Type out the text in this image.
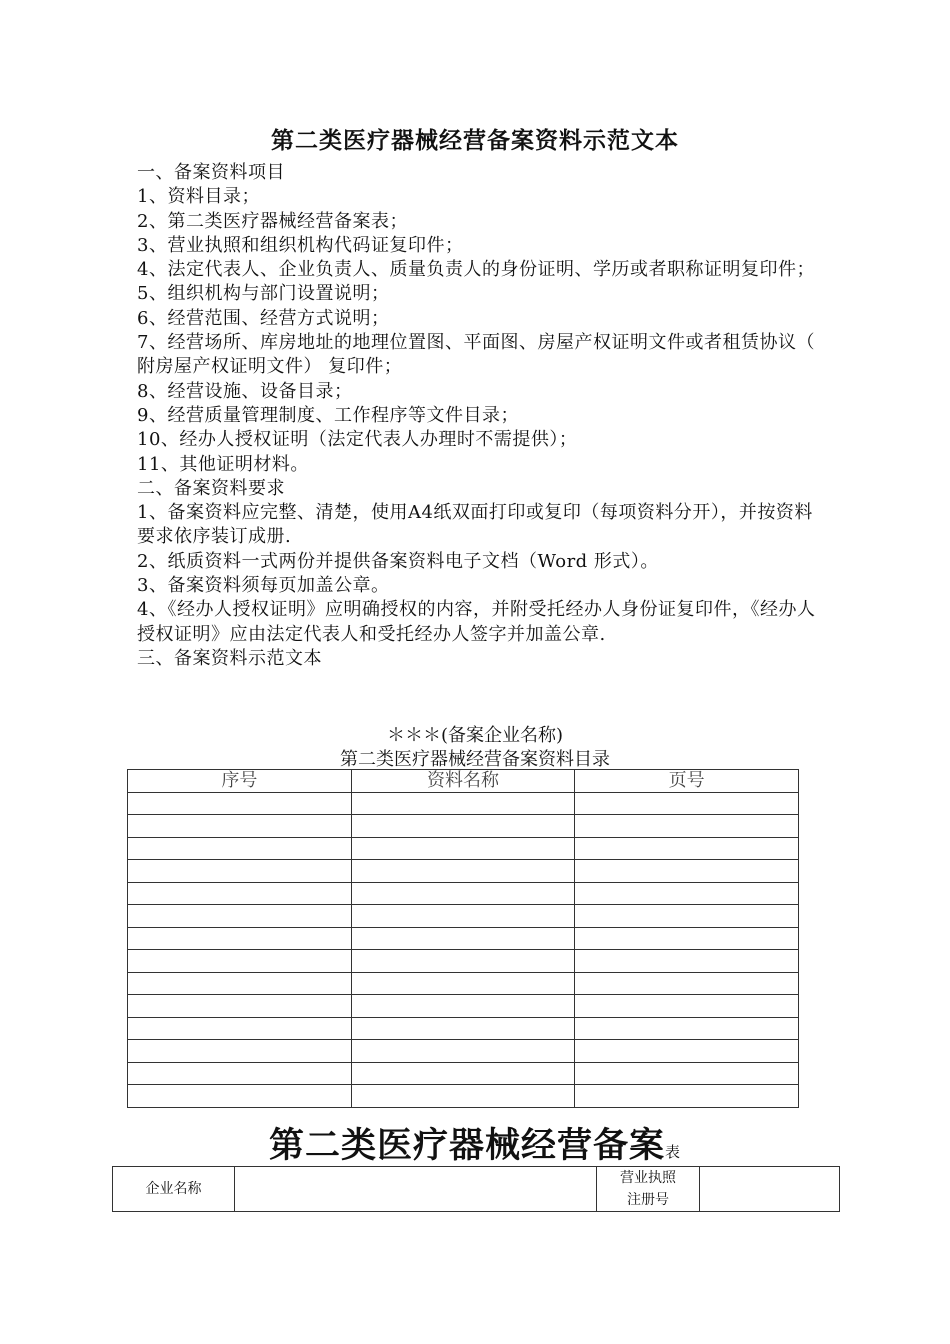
第二类医疗器械经营备案资料示范文本

一、备案资料项目

1、资料目录；

2、第二类医疗器械经营备案表；

3、营业执照和组织机构代码证复印件；

4、法定代表人、企业负责人、质量负责人的身份证明、学历或者职称证明复印件；

5、组织机构与部门设置说明；

6、经营范围、经营方式说明；

7、经营场所、库房地址的地理位置图、平面图、房屋产权证明文件或者租赁协议（ 附房屋产权证明文件） 复印件；

8、经营设施、设备目录；

9、经营质量管理制度、工作程序等文件目录；

10、经办人授权证明（法定代表人办理时不需提供）；

11、其他证明材料。

二、备案资料要求

1、备案资料应完整、清楚，使用A4纸双面打印或复印（每项资料分开），并按资料要求依序装订成册.

2、纸质资料一式两份并提供备案资料电子文档（Word 形式）。

3、备案资料须每页加盖公章。

4、《经办人授权证明》应明确授权的内容，并附受托经办人身份证复印件，《经办人授权证明》应由法定代表人和受托经办人签字并加盖公章.

三、备案资料示范文本

＊＊＊(备案企业名称)
第二类医疗器械经营备案资料目录
序号	资料名称	页号

第二类医疗器械经营备案表
企业名称		营业执照
注册号	
